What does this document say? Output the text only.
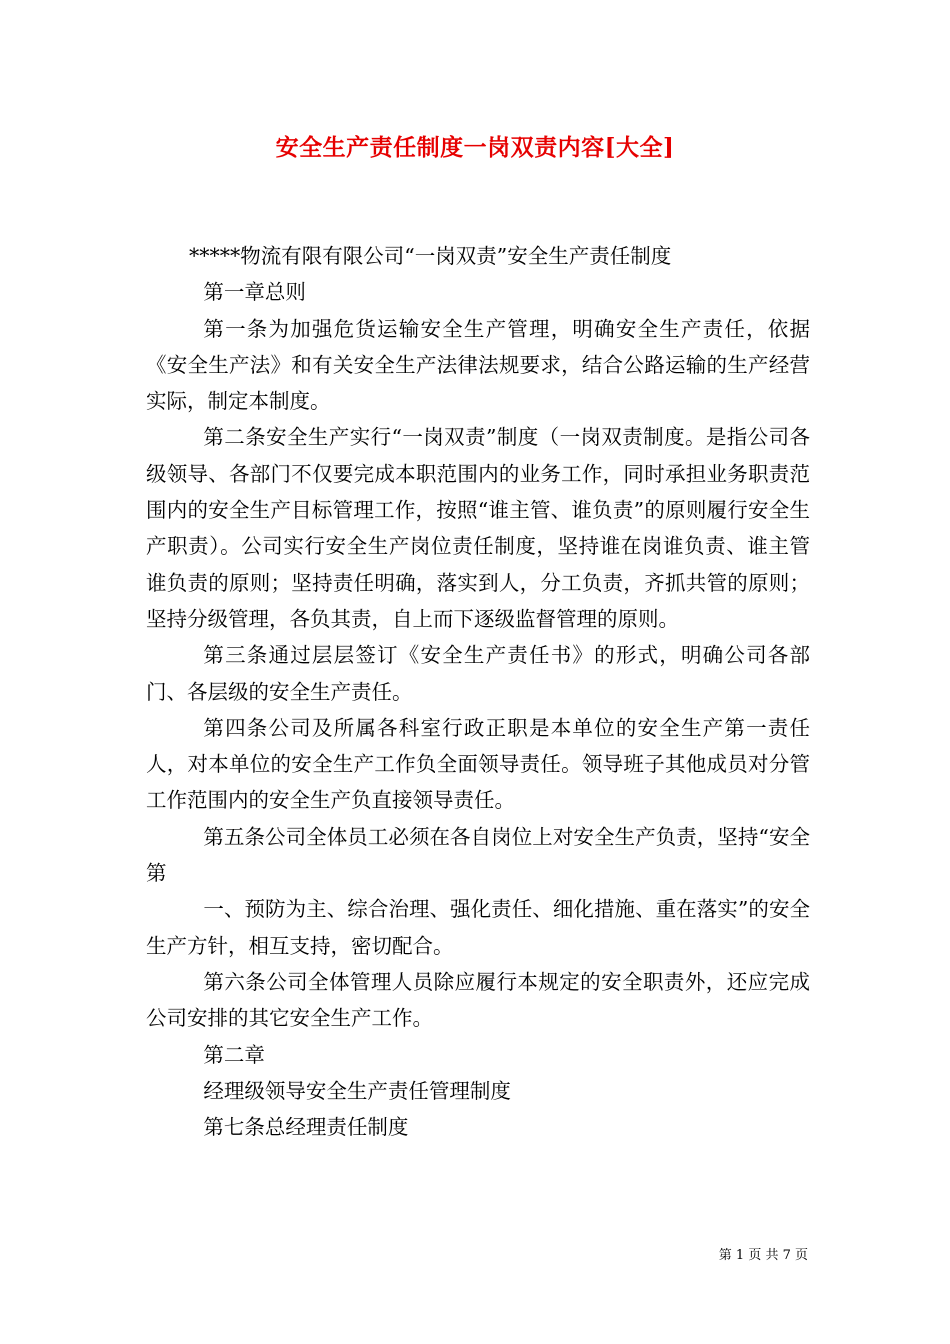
安全生产责任制度一岗双责内容[大全]

*****物流有限有限公司“一岗双责”安全生产责任制度

第一章总则

第一条为加强危货运输安全生产管理，明确安全生产责任，依据《安全生产法》和有关安全生产法律法规要求，结合公路运输的生产经营实际，制定本制度。

第二条安全生产实行“一岗双责”制度（一岗双责制度。是指公司各级领导、各部门不仅要完成本职范围内的业务工作，同时承担业务职责范围内的安全生产目标管理工作，按照“谁主管、谁负责”的原则履行安全生产职责）。公司实行安全生产岗位责任制度，坚持谁在岗谁负责、谁主管谁负责的原则；坚持责任明确，落实到人，分工负责，齐抓共管的原则；坚持分级管理，各负其责，自上而下逐级监督管理的原则。

第三条通过层层签订《安全生产责任书》的形式，明确公司各部门、各层级的安全生产责任。

第四条公司及所属各科室行政正职是本单位的安全生产第一责任人，对本单位的安全生产工作负全面领导责任。领导班子其他成员对分管工作范围内的安全生产负直接领导责任。

第五条公司全体员工必须在各自岗位上对安全生产负责，坚持“安全第

一、预防为主、综合治理、强化责任、细化措施、重在落实”的安全生产方针，相互支持，密切配合。

第六条公司全体管理人员除应履行本规定的安全职责外，还应完成公司安排的其它安全生产工作。

第二章

经理级领导安全生产责任管理制度

第七条总经理责任制度

第 1 页 共 7 页
